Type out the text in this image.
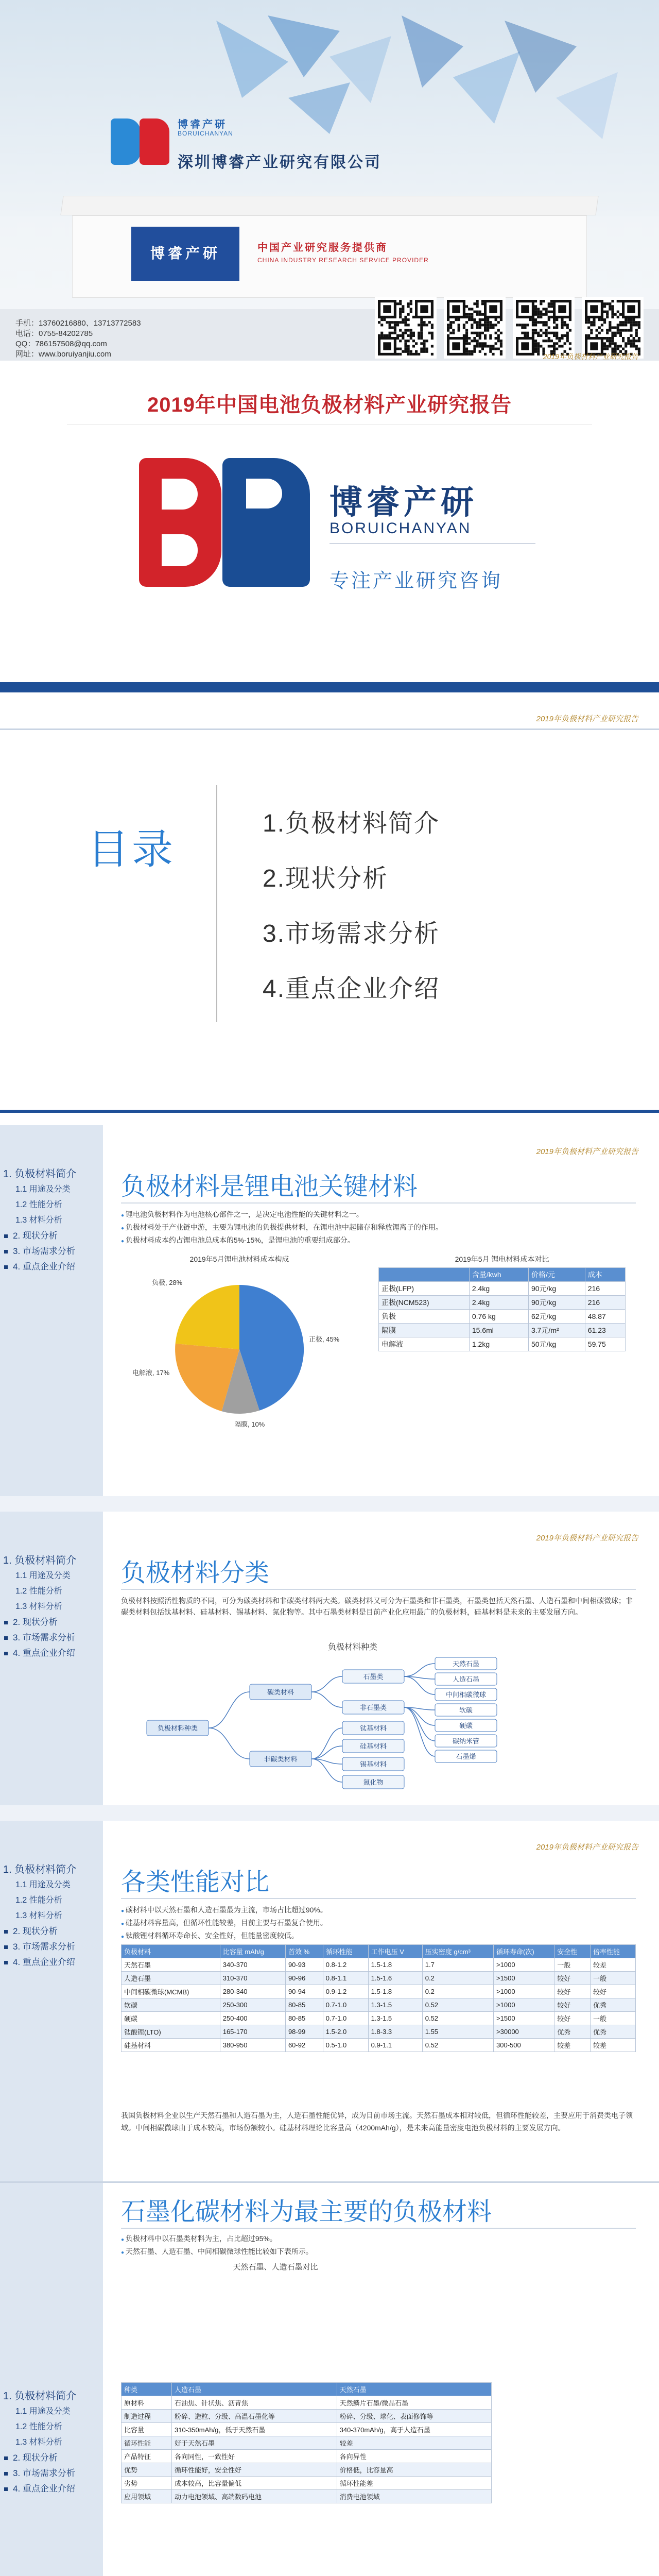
博睿产研
BORUICHANYAN
深圳博睿产业研究有限公司
博睿产研	中国产业研究服务提供商
CHINA INDUSTRY RESEARCH SERVICE PROVIDER
手机：13760216880、13713772583
电话：0755-84202785
QQ：786157508@qq.com
网址：www.boruiyanjiu.com	2019年负极材料产业研究报告
2019年中国电池负极材料产业研究报告
博睿产研
BORUICHANYAN
专注产业研究咨询
2019年负极材料产业研究报告
目录
1.负极材料简介
2.现状分析
3.市场需求分析
4.重点企业介绍
1. 负极材料简介
1.1 用途及分类
1.2 性能分析
1.3 材料分析
2. 现状分析
3. 市场需求分析
4. 重点企业介绍
2019年负极材料产业研究报告
负极材料是锂电池关键材料
● 锂电池负极材料作为电池核心部件之一，是决定电池性能的关键材料之一。
● 负极材料处于产业链中游，主要为锂电池的负极提供材料，在锂电池中起储存和释放锂离子的作用。
● 负极材料成本约占锂电池总成本的5%-15%，是锂电池的重要组成部分。
2019年5月锂电池材料成本构成
正极, 45%
隔膜, 10%
电解液, 17%
负极, 28%
2019年5月 锂电材料成本对比
	含量/kwh	价格/元	成本
正极(LFP)	2.4kg	90元/kg	216
正极(NCM523)	2.4kg	90元/kg	216
负极	0.76 kg	62元/kg	48.87
隔膜	15.6ml	3.7元/m²	61.23
电解液	1.2kg	50元/kg	59.75
1. 负极材料简介
1.1 用途及分类
1.2 性能分析
1.3 材料分析
2. 现状分析
3. 市场需求分析
4. 重点企业介绍
2019年负极材料产业研究报告
负极材料分类
负极材料按照活性物质的不同，可分为碳类材料和非碳类材料两大类。碳类材料又可分为石墨类和非石墨类，石墨类包括天然石墨、人造石墨和中间相碳微球；非碳类材料包括钛基材料、硅基材料、锡基材料、氮化物等。其中石墨类材料是目前产业化应用最广的负极材料，硅基材料是未来的主要发展方向。
负极材料种类
负极材料种类
碳类材料
非碳类材料
石墨类
非石墨类
钛基材料
硅基材料
锡基材料
氮化物
天然石墨
人造石墨
中间相碳微球
软碳
硬碳
碳纳米管
石墨烯
1. 负极材料简介
1.1 用途及分类
1.2 性能分析
1.3 材料分析
2. 现状分析
3. 市场需求分析
4. 重点企业介绍
2019年负极材料产业研究报告
各类性能对比
● 碳材料中以天然石墨和人造石墨最为主流，市场占比超过90%。
● 硅基材料容量高，但循环性能较差，目前主要与石墨复合使用。
● 钛酸锂材料循环寿命长、安全性好，但能量密度较低。
负极材料	比容量 mAh/g	首效 %	循环性能	工作电压 V	压实密度 g/cm³	循环寿命(次)	安全性	倍率性能
天然石墨	340-370	90-93	0.8-1.2	1.5-1.8	1.7	>1000	一般	较差
人造石墨	310-370	90-96	0.8-1.1	1.5-1.6	0.2	>1500	较好	一般
中间相碳微球(MCMB)	280-340	90-94	0.9-1.2	1.5-1.8	0.2	>1000	较好	较好
软碳	250-300	80-85	0.7-1.0	1.3-1.5	0.52	>1000	较好	优秀
硬碳	250-400	80-85	0.7-1.0	1.3-1.5	0.52	>1500	较好	一般
钛酸锂(LTO)	165-170	98-99	1.5-2.0	1.8-3.3	1.55	>30000	优秀	优秀
硅基材料	380-950	60-92	0.5-1.0	0.9-1.1	0.52	300-500	较差	较差
我国负极材料企业以生产天然石墨和人造石墨为主，人造石墨性能优异，成为目前市场主流。天然石墨成本相对较低，但循环性能较差，主要应用于消费类电子领域。中间相碳微球由于成本较高，市场份额较小。硅基材料理论比容量高（4200mAh/g），是未来高能量密度电池负极材料的主要发展方向。
石墨化碳材料为最主要的负极材料
● 负极材料中以石墨类材料为主，占比超过95%。
● 天然石墨、人造石墨、中间相碳微球性能比较如下表所示。
天然石墨、人造石墨对比
1. 负极材料简介
1.1 用途及分类
1.2 性能分析
1.3 材料分析
2. 现状分析
3. 市场需求分析
4. 重点企业介绍
种类	人造石墨	天然石墨
原材料	石油焦、针状焦、沥青焦	天然鳞片石墨/微晶石墨
制造过程	粉碎、造粒、分级、高温石墨化等	粉碎、分级、球化、表面修饰等
比容量	310-350mAh/g，低于天然石墨	340-370mAh/g，高于人造石墨
循环性能	好于天然石墨	较差
产品特征	各向同性，一致性好	各向异性
优势	循环性能好，安全性好	价格低，比容量高
劣势	成本较高，比容量偏低	循环性能差
应用领域	动力电池领域、高端数码电池	消费电池领域
